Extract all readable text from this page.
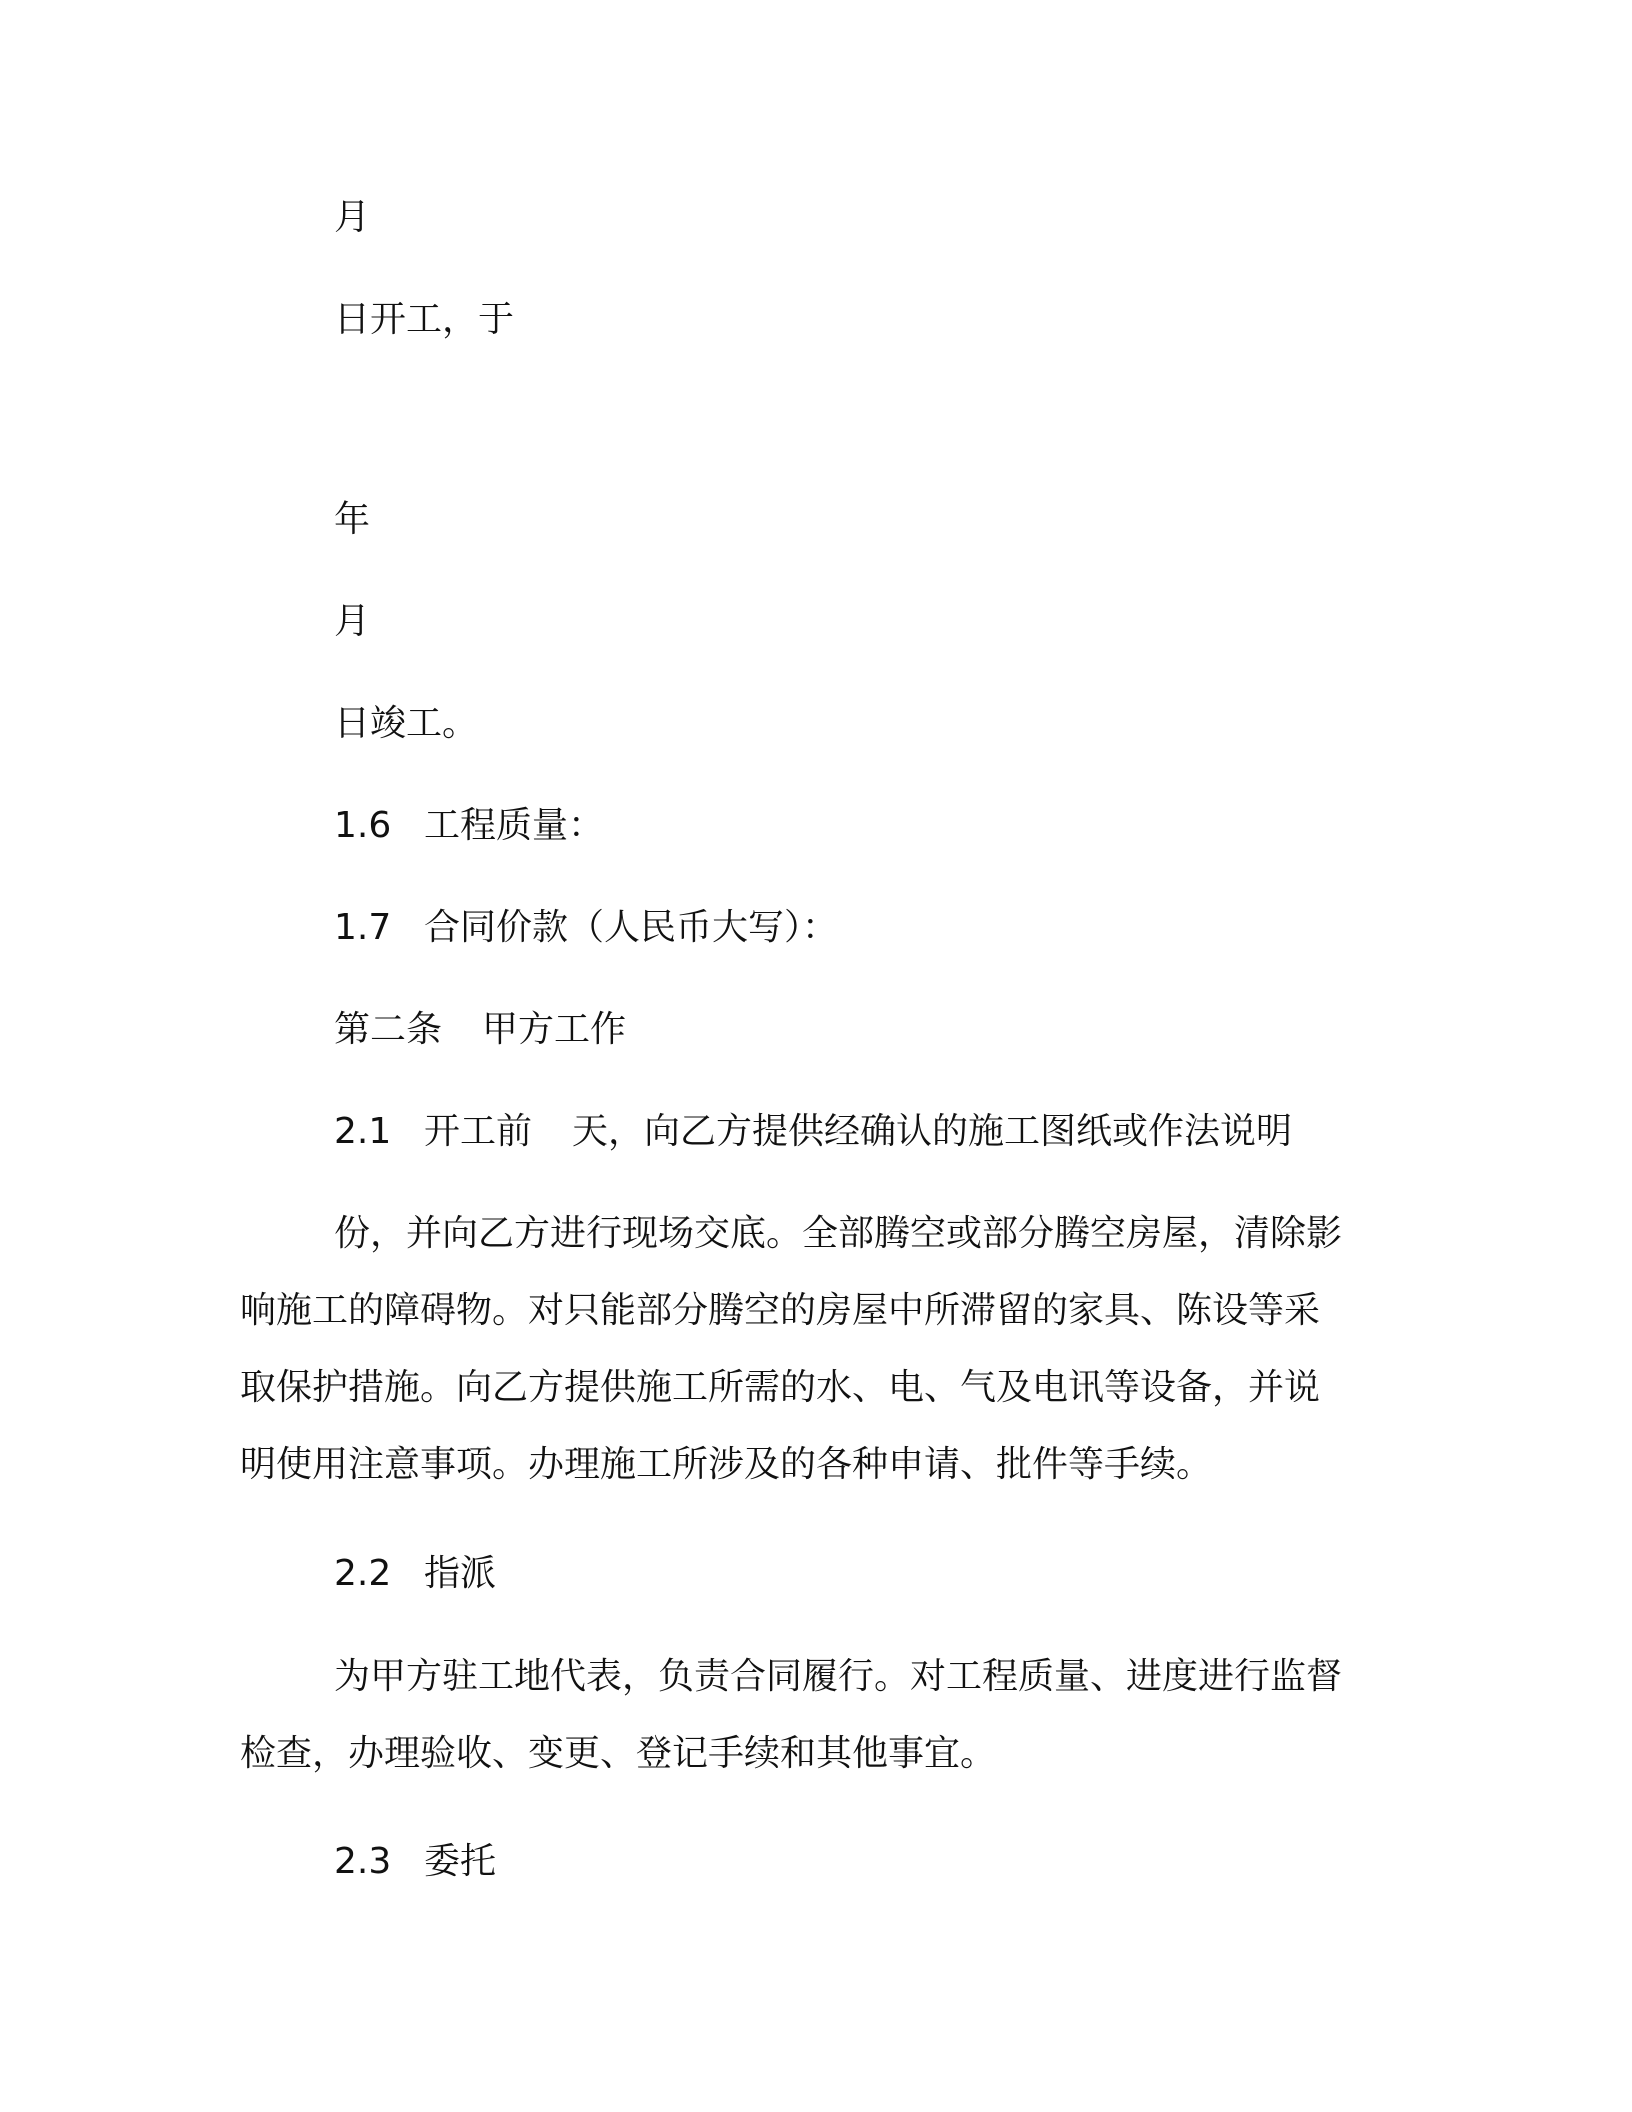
月

日开工，于

年

月

日竣工。

1.6 工程质量：

1.7 合同价款（人民币大写）：

第二条 甲方工作

2.1 开工前 天，向乙方提供经确认的施工图纸或作法说明

份，并向乙方进行现场交底。全部腾空或部分腾空房屋，清除影

响施工的障碍物。对只能部分腾空的房屋中所滞留的家具、陈设等采

取保护措施。向乙方提供施工所需的水、电、气及电讯等设备，并说

明使用注意事项。办理施工所涉及的各种申请、批件等手续。

2.2 指派

为甲方驻工地代表，负责合同履行。对工程质量、进度进行监督

检查，办理验收、变更、登记手续和其他事宜。

2.3 委托
